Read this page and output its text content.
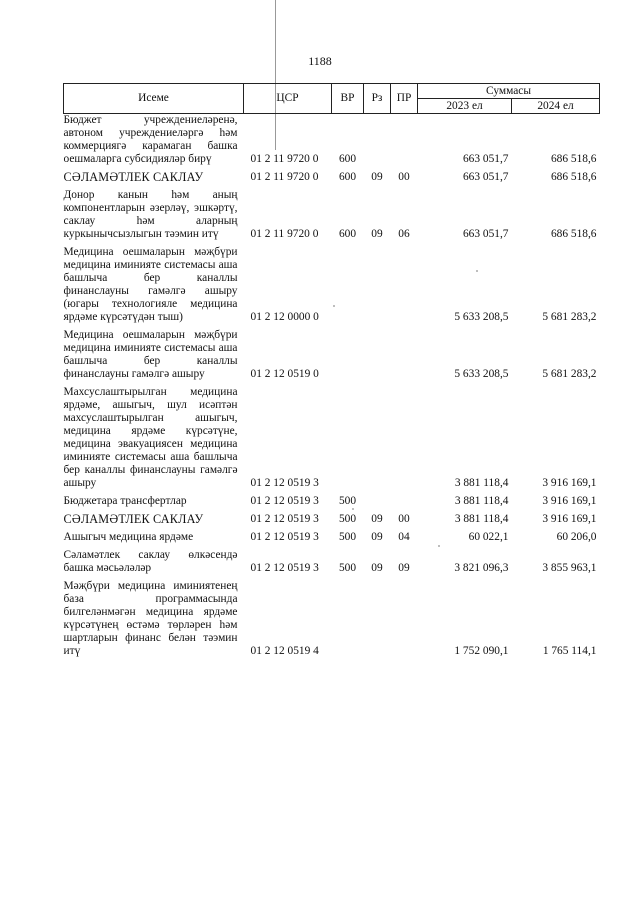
1188
Исеме	ЦСР	ВР	Рз	ПР	Суммасы	
					2023 ел	2024 ел
Бюджет учреждениеләренә, автоном учреждениеләргә һәм коммерциягә карамаган башка оешмаларга субсидияләр бирү	01 2 11 9720 0	600			663 051,7	686 518,6
СӘЛАМӘТЛЕК САКЛАУ	01 2 11 9720 0	600	09	00	663 051,7	686 518,6
Донор канын һәм аның компонентларын әзерләү, эшкәртү, саклау һәм аларның куркынычсызлыгын тәэмин итү	01 2 11 9720 0	600	09	06	663 051,7	686 518,6
Медицина оешмаларын мәҗбүри медицина иминияте системасы аша башлыча бер каналлы финанслауны гамәлгә ашыру (югары технологияле медицина ярдәме күрсәтүдән тыш)	01 2 12 0000 0				5 633 208,5	5 681 283,2
Медицина оешмаларын мәҗбүри медицина иминияте системасы аша башлыча бер каналлы финанслауны гамәлгә ашыру	01 2 12 0519 0				5 633 208,5	5 681 283,2
Махсуслаштырылган медицина ярдәме, ашыгыч, шул исәптән махсуслаштырылган ашыгыч, медицина ярдәме күрсәтүне, медицина эвакуациясен медицина иминияте системасы аша башлыча бер каналлы финанслауны гамәлгә ашыру	01 2 12 0519 3				3 881 118,4	3 916 169,1
Бюджетара трансфертлар	01 2 12 0519 3	500			3 881 118,4	3 916 169,1
СӘЛАМӘТЛЕК САКЛАУ	01 2 12 0519 3	500	09	00	3 881 118,4	3 916 169,1
Ашыгыч медицина ярдәме	01 2 12 0519 3	500	09	04	60 022,1	60 206,0
Сәламәтлек саклау өлкәсендә башка мәсьәләләр	01 2 12 0519 3	500	09	09	3 821 096,3	3 855 963,1
Мәҗбүри медицина иминиятенең база программасында билгеләнмәгән медицина ярдәме күрсәтүнең өстәмә төрләрен һәм шартларын финанс белән тәэмин итү	01 2 12 0519 4				1 752 090,1	1 765 114,1
